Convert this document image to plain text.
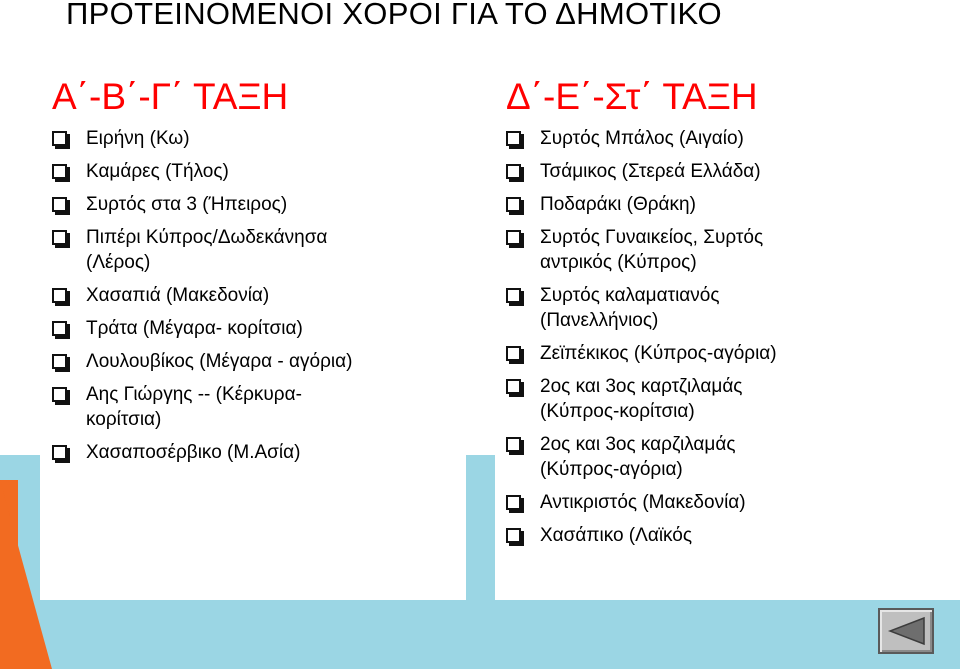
ΠΡΟΤΕΙΝΟΜΕΝΟΙ ΧΟΡΟΙ ΓΙΑ ΤΟ ΔΗΜΟΤΙΚΟ
Α΄-Β΄-Γ΄ ΤΑΞΗ
Ειρήνη (Κω)
Καμάρες (Τήλος)
Συρτός στα 3 (Ήπειρος)
Πιπέρι Κύπρος/Δωδεκάνησα
(Λέρος)
Χασαπιά (Μακεδονία)
Τράτα (Μέγαρα- κορίτσια)
Λουλουβίκος (Μέγαρα - αγόρια)
Αης Γιώργης -- (Κέρκυρα-
κορίτσια)
Χασαποσέρβικο (Μ.Ασία)
Δ΄-Ε΄-Στ΄ ΤΑΞΗ
Συρτός Μπάλος (Αιγαίο)
Τσάμικος (Στερεά Ελλάδα)
Ποδαράκι (Θράκη)
Συρτός Γυναικείος, Συρτός
αντρικός (Κύπρος)
Συρτός καλαματιανός
(Πανελλήνιος)
Ζεϊπέκικος (Κύπρος-αγόρια)
2ος και 3ος καρτζιλαμάς
(Κύπρος-κορίτσια)
2ος και 3ος καρζιλαμάς
(Κύπρος-αγόρια)
Αντικριστός (Μακεδονία)
Χασάπικο (Λαϊκός
